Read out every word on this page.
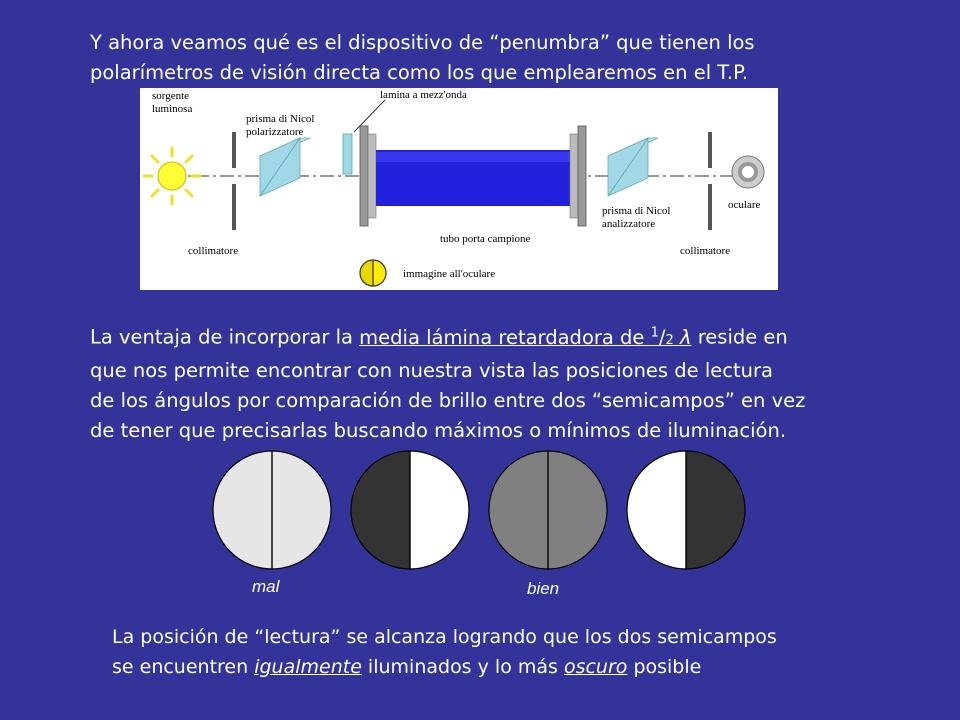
Y ahora veamos qué es el dispositivo de “penumbra” que tienen los
polarímetros de visión directa como los que emplearemos en el T.P.
sorgente
luminosa
prisma di Nicol
polarizzatore
lamina a mezz'onda
collimatore
tubo porta campione
prisma di Nicol
analizzatore
oculare
collimatore
immagine all'oculare
La ventaja de incorporar la media lámina retardadora de $^1$/2 λ reside en
que nos permite encontrar con nuestra vista las posiciones de lectura
de los ángulos por comparación de brillo entre dos “semicampos” en vez
de tener que precisarlas buscando máximos o mínimos de iluminación.
mal	bien
La posición de “lectura” se alcanza logrando que los dos semicampos
se encuentren igualmente iluminados y lo más oscuro posible
